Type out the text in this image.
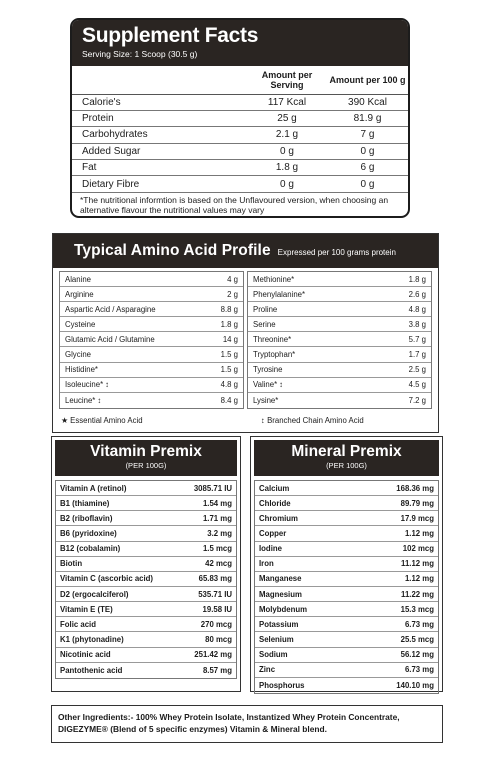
Supplement Facts
Serving Size: 1 Scoop (30.5 g)
	Amount per Serving	Amount per 100 g
Calorie's	117 Kcal	390 Kcal
Protein	25 g	81.9 g
Carbohydrates	2.1 g	7 g
Added Sugar	0 g	0 g
Fat	1.8 g	6 g
Dietary Fibre	0 g	0 g
*The nutritional informtion is based on the Unflavoured version, when choosing an alternative flavour the nutritional values may vary
Typical Amino Acid Profile Expressed per 100 grams protein
Alanine	4 g
Arginine	2 g
Aspartic Acid / Asparagine	8.8 g
Cysteine	1.8 g
Glutamic Acid / Glutamine	14 g
Glycine	1.5 g
Histidine*	1.5 g
Isoleucine* ↕	4.8 g
Leucine* ↕	8.4 g
Methionine*	1.8 g
Phenylalanine*	2.6 g
Proline	4.8 g
Serine	3.8 g
Threonine*	5.7 g
Tryptophan*	1.7 g
Tyrosine	2.5 g
Valine* ↕	4.5 g
Lysine*	7.2 g
★ Essential Amino Acid	↕ Branched Chain Amino Acid
Vitamin Premix
(PER 100G)
Vitamin A (retinol)	3085.71 IU
B1 (thiamine)	1.54 mg
B2 (riboflavin)	1.71 mg
B6 (pyridoxine)	3.2 mg
B12 (cobalamin)	1.5 mcg
Biotin	42 mcg
Vitamin C (ascorbic acid)	65.83 mg
D2 (ergocalciferol)	535.71 IU
Vitamin E (TE)	19.58 IU
Folic acid	270 mcg
K1 (phytonadine)	80 mcg
Nicotinic acid	251.42 mg
Pantothenic acid	8.57 mg
Mineral Premix
(PER 100G)
Calcium	168.36 mg
Chloride	89.79 mg
Chromium	17.9 mcg
Copper	1.12 mg
Iodine	102 mcg
Iron	11.12 mg
Manganese	1.12 mg
Magnesium	11.22 mg
Molybdenum	15.3 mcg
Potassium	6.73 mg
Selenium	25.5 mcg
Sodium	56.12 mg
Zinc	6.73 mg
Phosphorus	140.10 mg
Other Ingredients:- 100% Whey Protein Isolate, Instantized Whey Protein Concentrate, DIGEZYME® (Blend of 5 specific enzymes) Vitamin & Mineral blend.
